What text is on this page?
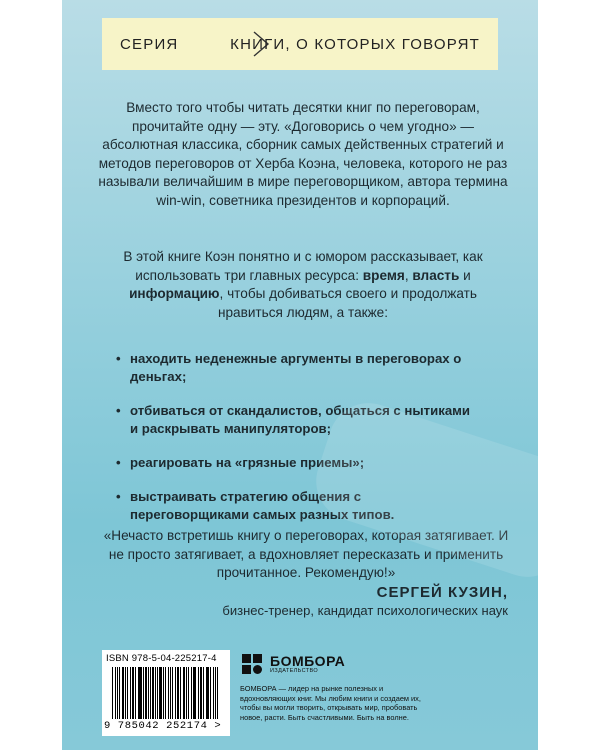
СЕРИЯ	КНИГИ, О КОТОРЫХ ГОВОРЯТ
Вместо того чтобы читать десятки книг по переговорам, прочитайте одну — эту. «Договорись о чем угодно» — абсолютная классика, сборник самых действенных стратегий и методов переговоров от Херба Коэна, человека, которого не раз называли величайшим в мире переговорщиком, автора термина win-win, советника президентов и корпораций.
В этой книге Коэн понятно и с юмором рассказывает, как использовать три главных ресурса: время, власть и информацию, чтобы добиваться своего и продолжать нравиться людям, а также:
• находить неденежные аргументы в переговорах о деньгах;
• отбиваться от скандалистов, общаться с нытиками и раскрывать манипуляторов;
• реагировать на «грязные приемы»;
• выстраивать стратегию общения с переговорщиками самых разных типов.
«Нечасто встретишь книгу о переговорах, которая затягивает. И не просто затягивает, а вдохновляет пересказать и применить прочитанное. Рекомендую!»
СЕРГЕЙ КУЗИН,
бизнес-тренер, кандидат психологических наук
ISBN 978-5-04-225217-4
9 785042 252174 >
БОМБОРА
ИЗДАТЕЛЬСТВО
БОМБОРА — лидер на рынке полезных и вдохновляющих книг. Мы любим книги и создаем их, чтобы вы могли творить, открывать мир, пробовать новое, расти. Быть счастливыми. Быть на волне.
